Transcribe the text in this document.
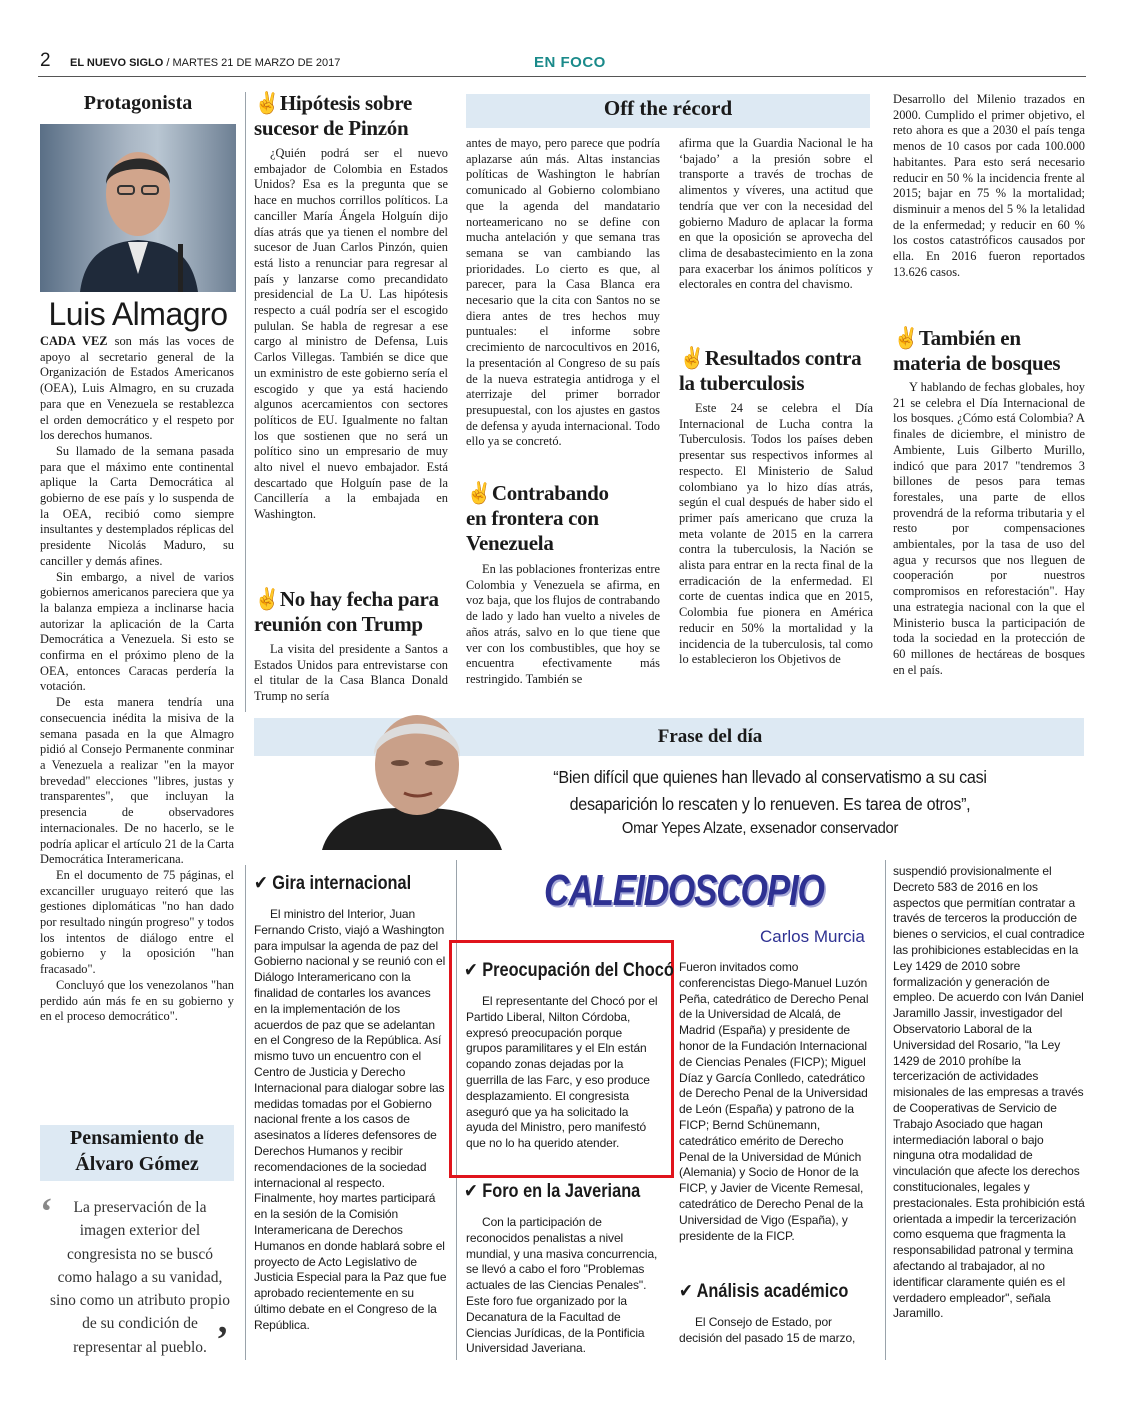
2 EL NUEVO SIGLO / MARTES 21 DE MARZO DE 2017	EN FOCO
Protagonista
Luis Almagro

CADA VEZ son más las voces de apoyo al secretario general de la Organización de Estados Americanos (OEA), Luis Almagro, en su cruzada para que en Venezuela se restablezca el orden democrático y el respeto por los derechos humanos.

Su llamado de la semana pasada para que el máximo ente continental aplique la Carta Democrática al gobierno de ese país y lo suspenda de la OEA, recibió como siempre insultantes y destemplados réplicas del presidente Nicolás Maduro, su canciller y demás afines.

Sin embargo, a nivel de varios gobiernos americanos pareciera que ya la balanza empieza a inclinarse hacia autorizar la aplicación de la Carta Democrática a Venezuela. Si esto se confirma en el próximo pleno de la OEA, entonces Caracas perdería la votación.

De esta manera tendría una consecuencia inédita la misiva de la semana pasada en la que Almagro pidió al Consejo Permanente conminar a Venezuela a realizar "en la mayor brevedad" elecciones "libres, justas y transparentes", que incluyan la presencia de observadores internacionales. De no hacerlo, se le podría aplicar el artículo 21 de la Carta Democrática Interamericana.

En el documento de 75 páginas, el excanciller uruguayo reiteró que las gestiones diplomáticas "no han dado por resultado ningún progreso" y todos los intentos de diálogo entre el gobierno y la oposición "han fracasado".

Concluyó que los venezolanos "han perdido aún más fe en su gobierno y en el proceso democrático".

Pensamiento de
Álvaro Gómez
‘	La preservación de la imagen exterior del congresista no se buscó como halago a su vanidad, sino como un atributo propio de su condición de representar al pueblo. ’
✌Hipótesis sobre
sucesor de Pinzón

¿Quién podrá ser el nuevo embajador de Colombia en Estados Unidos? Esa es la pregunta que se hace en muchos corrillos políticos. La canciller María Ángela Holguín dijo días atrás que ya tienen el nombre del sucesor de Juan Carlos Pinzón, quien está listo a renunciar para regresar al país y lanzarse como precandidato presidencial de La U. Las hipótesis respecto a cuál podría ser el escogido pululan. Se habla de regresar a ese cargo al ministro de Defensa, Luis Carlos Villegas. También se dice que un exministro de este gobierno sería el escogido y que ya está haciendo algunos acercamientos con sectores políticos de EU. Igualmente no faltan los que sostienen que no será un político sino un empresario de muy alto nivel el nuevo embajador. Está descartado que Holguín pase de la Cancillería a la embajada en Washington.

✌No hay fecha para
reunión con Trump

La visita del presidente a Santos a Estados Unidos para entrevistarse con el titular de la Casa Blanca Donald Trump no sería

Off the récord

antes de mayo, pero parece que podría aplazarse aún más. Altas instancias políticas de Washington le habrían comunicado al Gobierno colombiano que la agenda del mandatario norteamericano no se define con mucha antelación y que semana tras semana se van cambiando las prioridades. Lo cierto es que, al parecer, para la Casa Blanca era necesario que la cita con Santos no se diera antes de tres hechos muy puntuales: el informe sobre crecimiento de narcocultivos en 2016, la presentación al Congreso de su país de la nueva estrategia antidroga y el aterrizaje del primer borrador presupuestal, con los ajustes en gastos de defensa y ayuda internacional. Todo ello ya se concretó.

✌Contrabando
en frontera con
Venezuela

En las poblaciones fronterizas entre Colombia y Venezuela se afirma, en voz baja, que los flujos de contrabando de lado y lado han vuelto a niveles de años atrás, salvo en lo que tiene que ver con los combustibles, que hoy se encuentra efectivamente más restringido. También se

afirma que la Guardia Nacional le ha ‘bajado’ a la presión sobre el transporte a través de trochas de alimentos y víveres, una actitud que tendría que ver con la necesidad del gobierno Maduro de aplacar la forma en que la oposición se aprovecha del clima de desabastecimiento en la zona para exacerbar los ánimos políticos y electorales en contra del chavismo.

✌Resultados contra
la tuberculosis

Este 24 se celebra el Día Internacional de Lucha contra la Tuberculosis. Todos los países deben presentar sus respectivos informes al respecto. El Ministerio de Salud colombiano ya lo hizo días atrás, según el cual después de haber sido el primer país americano que cruza la meta volante de 2015 en la carrera contra la tuberculosis, la Nación se alista para entrar en la recta final de la erradicación de la enfermedad. El corte de cuentas indica que en 2015, Colombia fue pionera en América reducir en 50% la mortalidad y la incidencia de la tuberculosis, tal como lo establecieron los Objetivos de

Desarrollo del Milenio trazados en 2000. Cumplido el primer objetivo, el reto ahora es que a 2030 el país tenga menos de 10 casos por cada 100.000 habitantes. Para esto será necesario reducir en 50 % la incidencia frente al 2015; bajar en 75 % la mortalidad; disminuir a menos del 5 % la letalidad de la enfermedad; y reducir en 60 % los costos catastróficos causados por ella. En 2016 fueron reportados 13.626 casos.

✌También en
materia de bosques

Y hablando de fechas globales, hoy 21 se celebra el Día Internacional de los bosques. ¿Cómo está Colombia? A finales de diciembre, el ministro de Ambiente, Luis Gilberto Murillo, indicó que para 2017 "tendremos 3 billones de pesos para temas forestales, una parte de ellos provendrá de la reforma tributaria y el resto por compensaciones ambientales, por la tasa de uso del agua y recursos que nos lleguen de cooperación por nuestros compromisos en reforestación". Hay una estrategia nacional con la que el Ministerio busca la participación de toda la sociedad en la protección de 60 millones de hectáreas de bosques en el país.

Frase del día
“Bien difícil que quienes han llevado al conservatismo a su casi
desaparición lo rescaten y lo renueven. Es tarea de otros”,
Omar Yepes Alzate, exsenador conservador
CALEIDOSCOPIO
Carlos Murcia
✔ Gira internacional

El ministro del Interior, Juan Fernando Cristo, viajó a Washington para impulsar la agenda de paz del Gobierno nacional y se reunió con el Diálogo Interamericano con la finalidad de contarles los avances en la implementación de los acuerdos de paz que se adelantan en el Congreso de la República. Así mismo tuvo un encuentro con el Centro de Justicia y Derecho Internacional para dialogar sobre las medidas tomadas por el Gobierno nacional frente a los casos de asesinatos a líderes defensores de Derechos Humanos y recibir recomendaciones de la sociedad internacional al respecto. Finalmente, hoy martes participará en la sesión de la Comisión Interamericana de Derechos Humanos en donde hablará sobre el proyecto de Acto Legislativo de Justicia Especial para la Paz que fue aprobado recientemente en su último debate en el Congreso de la República.

✔ Preocupación del Chocó

El representante del Chocó por el Partido Liberal, Nilton Córdoba, expresó preocupación porque grupos paramilitares y el Eln están copando zonas dejadas por la guerrilla de las Farc, y eso produce desplazamiento. El congresista aseguró que ya ha solicitado la ayuda del Ministro, pero manifestó que no lo ha querido atender.

✔ Foro en la Javeriana

Con la participación de reconocidos penalistas a nivel mundial, y una masiva concurrencia, se llevó a cabo el foro "Problemas actuales de las Ciencias Penales". Este foro fue organizado por la Decanatura de la Facultad de Ciencias Jurídicas, de la Pontificia Universidad Javeriana.

Fueron invitados como conferencistas Diego-Manuel Luzón Peña, catedrático de Derecho Penal de la Universidad de Alcalá, de Madrid (España) y presidente de honor de la Fundación Internacional de Ciencias Penales (FICP); Miguel Díaz y García Conlledo, catedrático de Derecho Penal de la Universidad de León (España) y patrono de la FICP; Bernd Schünemann, catedrático emérito de Derecho Penal de la Universidad de Múnich (Alemania) y Socio de Honor de la FICP, y Javier de Vicente Remesal, catedrático de Derecho Penal de la Universidad de Vigo (España), y presidente de la FICP.

✔ Análisis académico

El Consejo de Estado, por decisión del pasado 15 de marzo,

suspendió provisionalmente el Decreto 583 de 2016 en los aspectos que permitían contratar a través de terceros la producción de bienes o servicios, el cual contradice las prohibiciones establecidas en la Ley 1429 de 2010 sobre formalización y generación de empleo. De acuerdo con Iván Daniel Jaramillo Jassir, investigador del Observatorio Laboral de la Universidad del Rosario, "la Ley 1429 de 2010 prohíbe la tercerización de actividades misionales de las empresas a través de Cooperativas de Servicio de Trabajo Asociado que hagan intermediación laboral o bajo ninguna otra modalidad de vinculación que afecte los derechos constitucionales, legales y prestacionales. Esta prohibición está orientada a impedir la tercerización como esquema que fragmenta la responsabilidad patronal y termina afectando al trabajador, al no identificar claramente quién es el verdadero empleador", señala Jaramillo.
